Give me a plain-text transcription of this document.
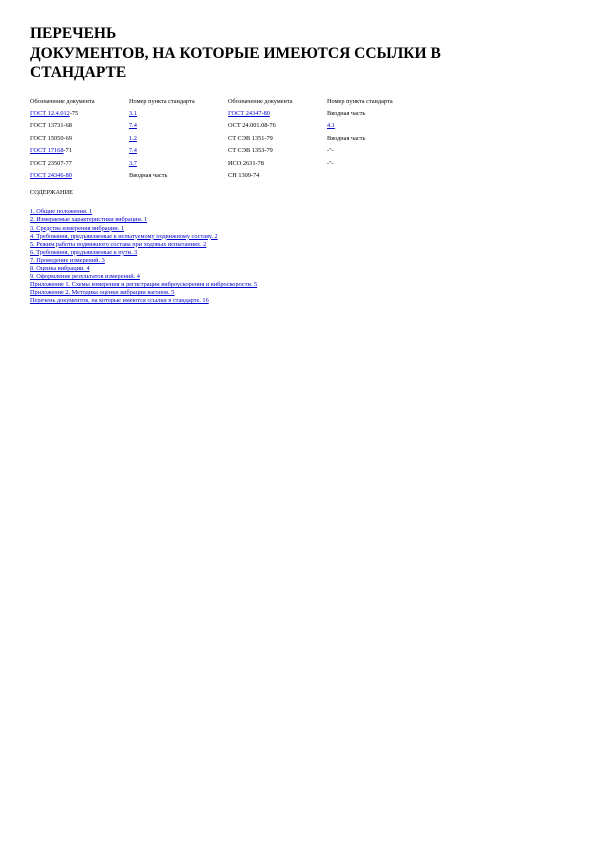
ПЕРЕЧЕНЬ
ДОКУМЕНТОВ, НА КОТОРЫЕ ИМЕЮТСЯ ССЫЛКИ В
СТАНДАРТЕ
Обозначение документа	Номер пункта стандарта	Обозначение документа	Номер пункта стандарта
ГОСТ 12.4.012-75	3.1	ГОСТ 24347-80	Вводная часть
ГОСТ 13731-68	7.4	ОСТ 24.001.08-76	4.1
ГОСТ 15050-69	1.2	СТ СЭВ 1351-79	Вводная часть
ГОСТ 17168-71	7.4	СТ СЭВ 1353-79	-"-
ГОСТ 23507-77	3.7	ИСО 2631-78	-"-
ГОСТ 24346-80	Вводная часть	СН 1309-74	
СОДЕРЖАНИЕ
1. Общие положения. 1
2. Измеряемые характеристики вибрации. 1
3. Средства измерения вибрации. 1
4. Требования, предъявляемые к испытуемому подвижному составу. 2
5. Режим работы подвижного состава при ходовых испытаниях. 2
6. Требования, предъявляемые к пути. 3
7. Проведение измерений. 3
8. Оценка вибрации. 4
9. Оформление результатов измерений. 4
Приложение 1. Схемы измерения и регистрации виброускорения и виброскорости. 5
Приложение 2. Методика оценки вибрации вагонов. 5
Перечень документов, на которые имеются ссылки в стандарте. 16
